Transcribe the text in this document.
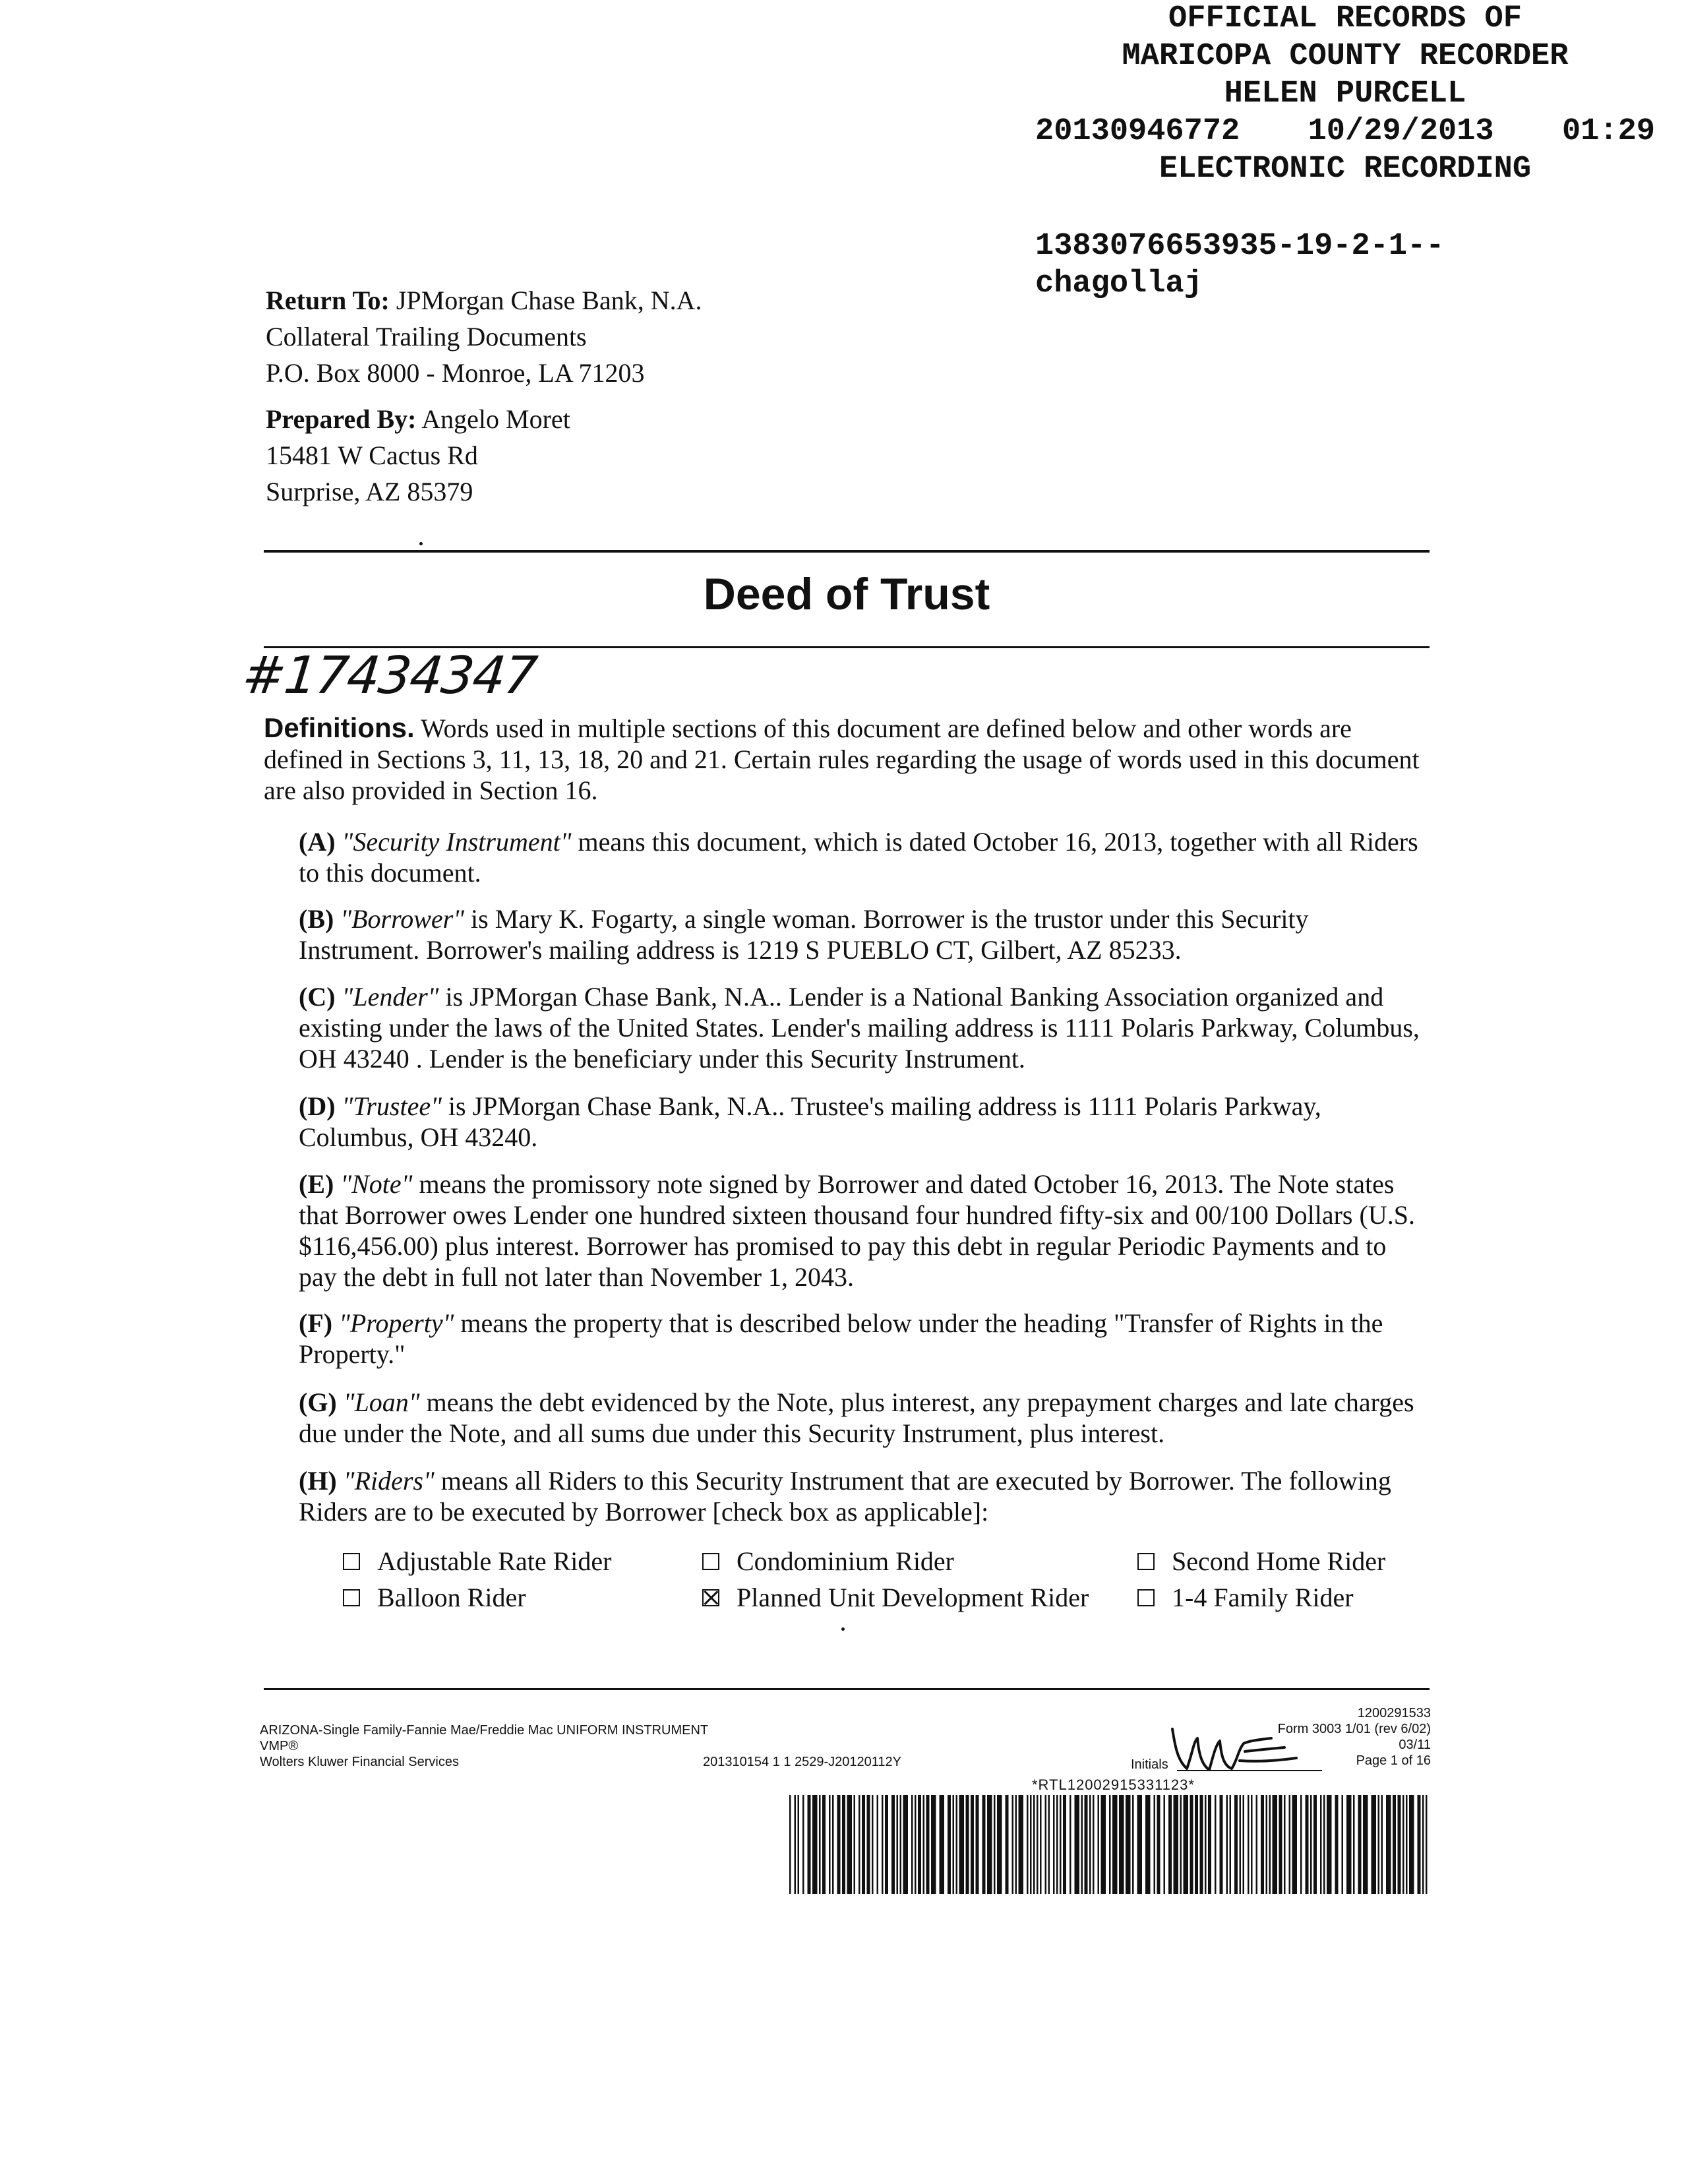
OFFICIAL RECORDS OF
MARICOPA COUNTY RECORDER
HELEN PURCELL
20130946772 10/29/2013 01:29
ELECTRONIC RECORDING
1383076653935-19-2-1--
chagollaj
Return To: JPMorgan Chase Bank, N.A.
Collateral Trailing Documents
P.O. Box 8000 - Monroe, LA 71203
Prepared By: Angelo Moret
15481 W Cactus Rd
Surprise, AZ 85379
Deed of Trust
#17434347
Definitions. Words used in multiple sections of this document are defined below and other words are defined in Sections 3, 11, 13, 18, 20 and 21. Certain rules regarding the usage of words used in this document are also provided in Section 16.
(A) "Security Instrument" means this document, which is dated October 16, 2013, together with all Riders to this document.
(B) "Borrower" is Mary K. Fogarty, a single woman. Borrower is the trustor under this Security Instrument. Borrower's mailing address is 1219 S PUEBLO CT, Gilbert, AZ 85233.
(C) "Lender" is JPMorgan Chase Bank, N.A.. Lender is a National Banking Association organized and existing under the laws of the United States. Lender's mailing address is 1111 Polaris Parkway, Columbus, OH 43240 . Lender is the beneficiary under this Security Instrument.
(D) "Trustee" is JPMorgan Chase Bank, N.A.. Trustee's mailing address is 1111 Polaris Parkway, Columbus, OH 43240.
(E) "Note" means the promissory note signed by Borrower and dated October 16, 2013. The Note states that Borrower owes Lender one hundred sixteen thousand four hundred fifty-six and 00/100 Dollars (U.S. $116,456.00) plus interest. Borrower has promised to pay this debt in regular Periodic Payments and to pay the debt in full not later than November 1, 2043.
(F) "Property" means the property that is described below under the heading "Transfer of Rights in the Property."
(G) "Loan" means the debt evidenced by the Note, plus interest, any prepayment charges and late charges due under the Note, and all sums due under this Security Instrument, plus interest.
(H) "Riders" means all Riders to this Security Instrument that are executed by Borrower. The following Riders are to be executed by Borrower [check box as applicable]:
Adjustable Rate Rider	Condominium Rider	Second Home Rider
Balloon Rider	Planned Unit Development Rider	1-4 Family Rider
ARIZONA-Single Family-Fannie Mae/Freddie Mac UNIFORM INSTRUMENT
VMP®
Wolters Kluwer Financial Services	201310154 1 1 2529-J20120112Y
1200291533
Form 3003 1/01 (rev 6/02)
03/11
Page 1 of 16
Initials
*RTL12002915331123*
